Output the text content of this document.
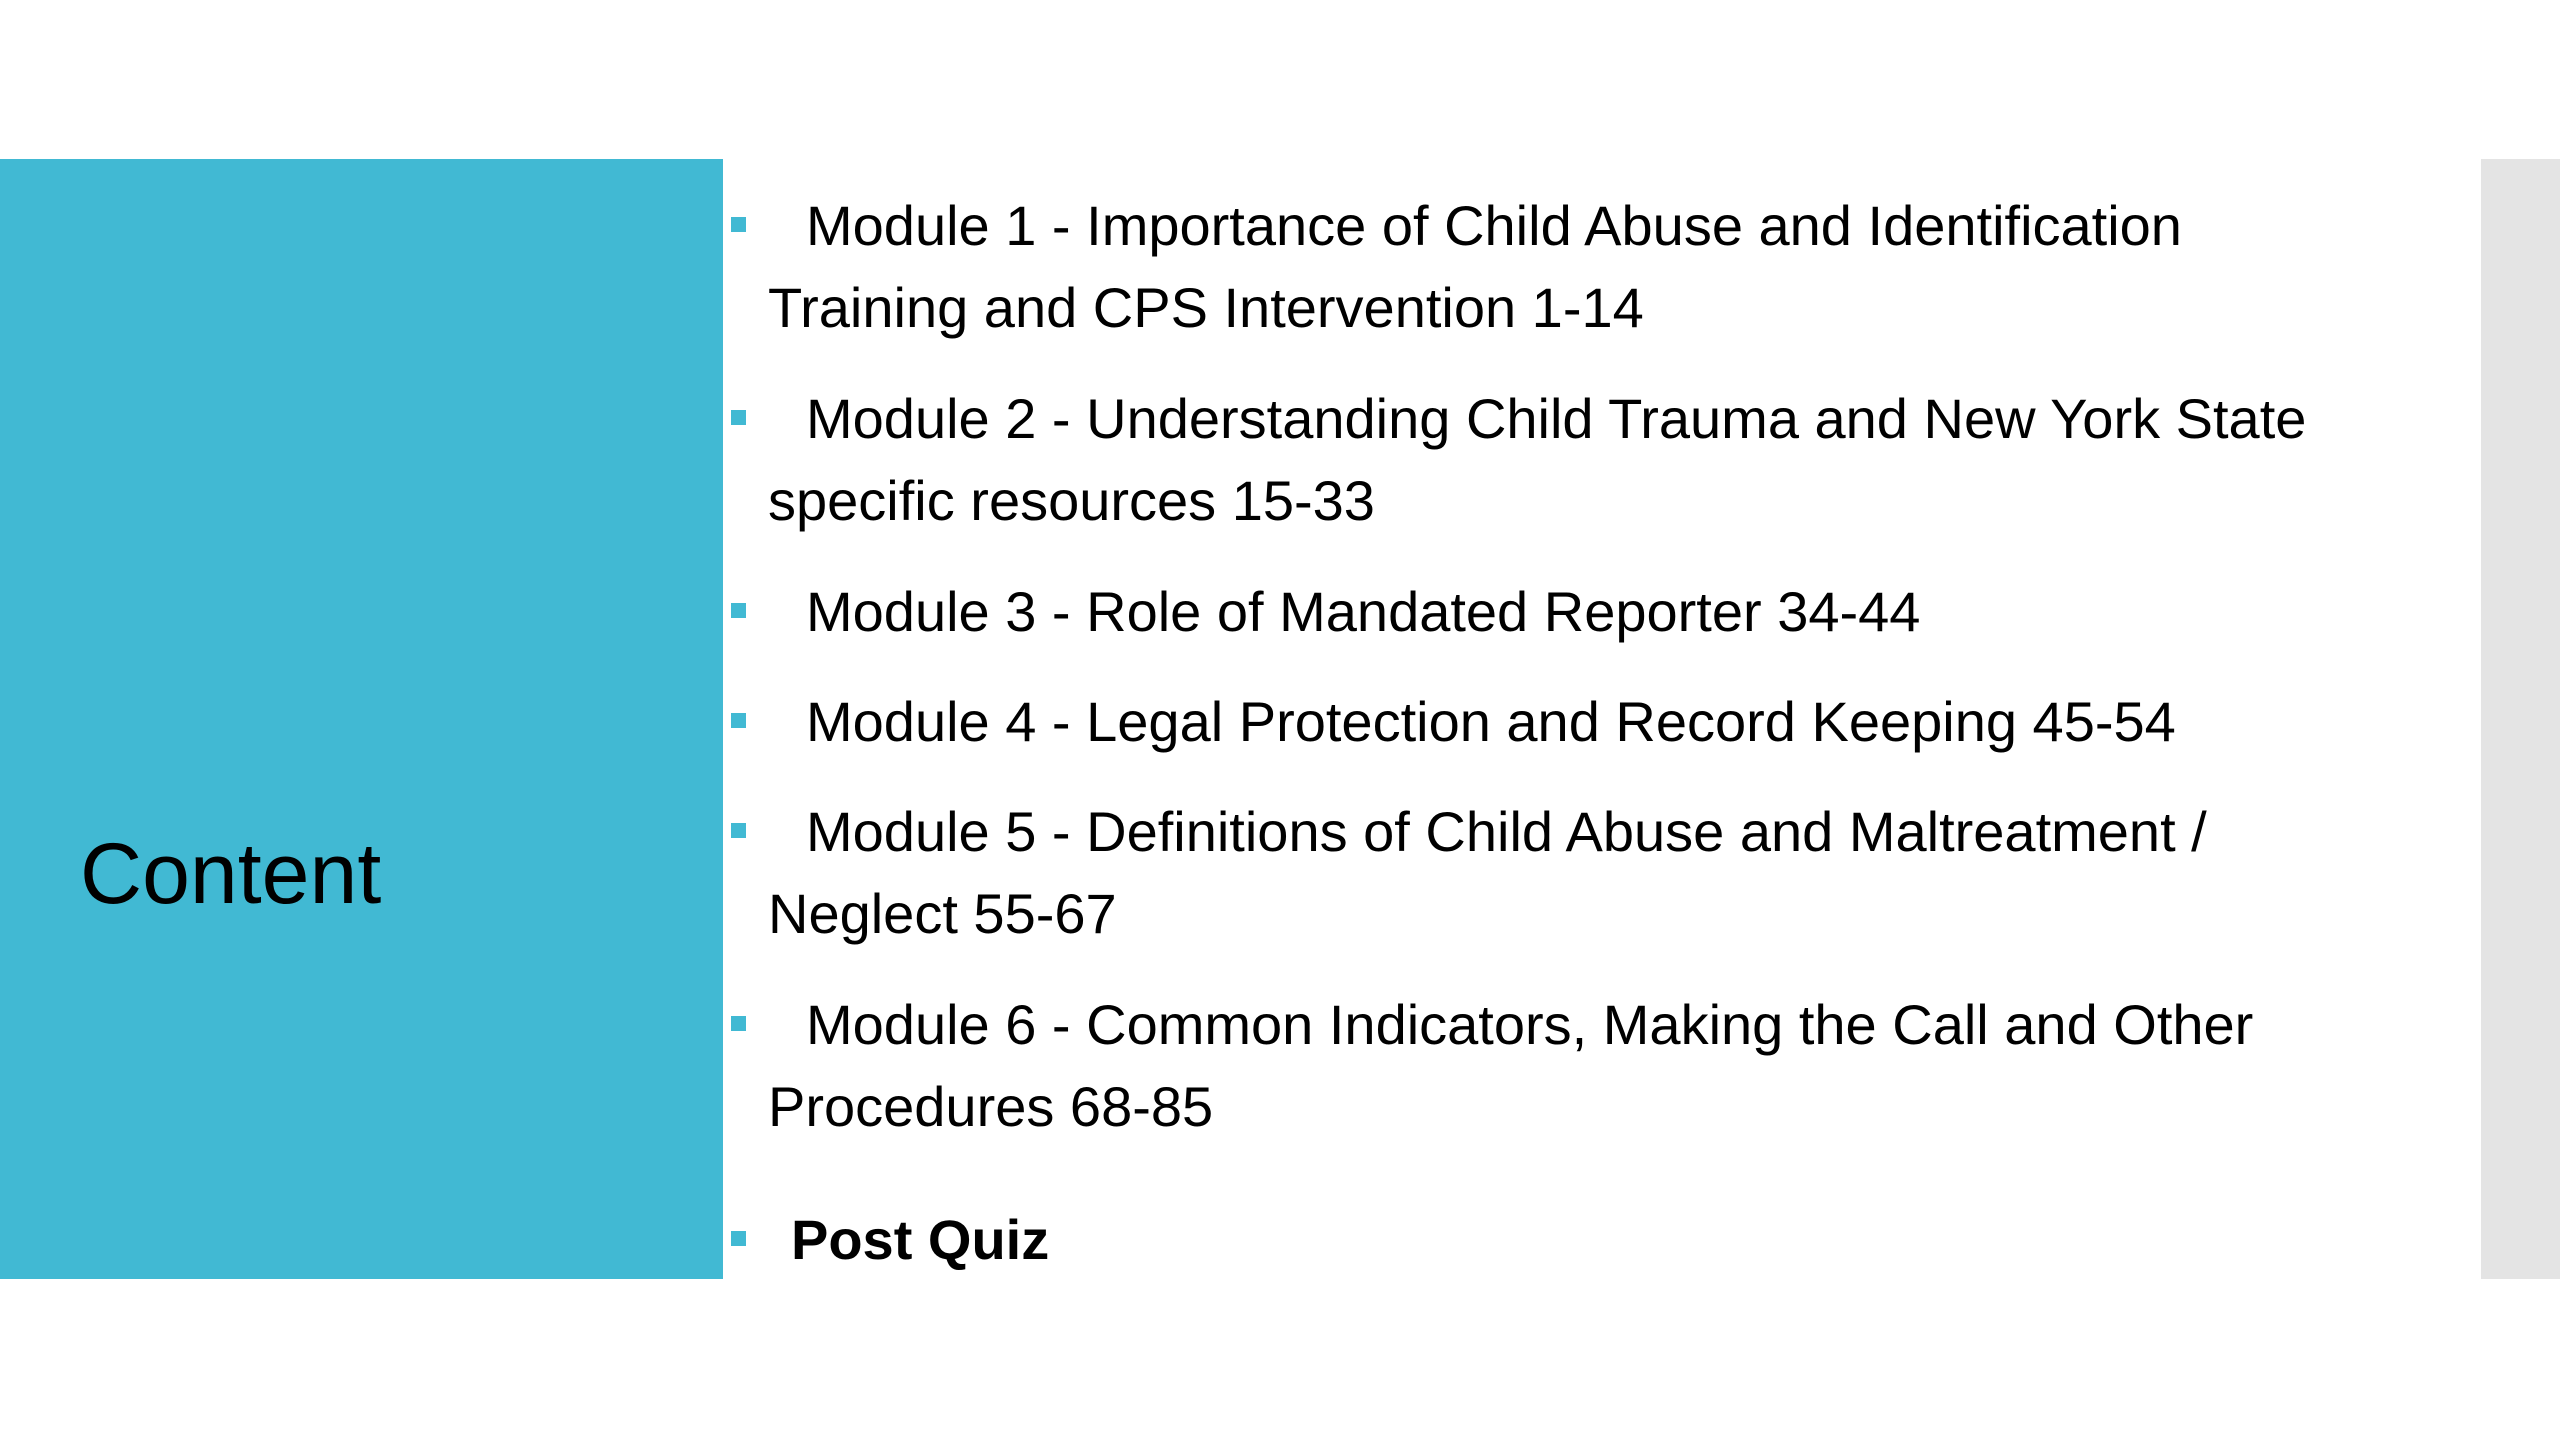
Content
Module 1 - Importance of Child Abuse and Identification
Training and CPS Intervention 1-14
Module 2 - Understanding Child Trauma and New York State
specific resources 15-33
Module 3 - Role of Mandated Reporter 34-44
Module 4 - Legal Protection and Record Keeping 45-54
Module 5 - Definitions of Child Abuse and Maltreatment /
Neglect 55-67
Module 6 - Common Indicators, Making the Call and Other
Procedures 68-85
Post Quiz
